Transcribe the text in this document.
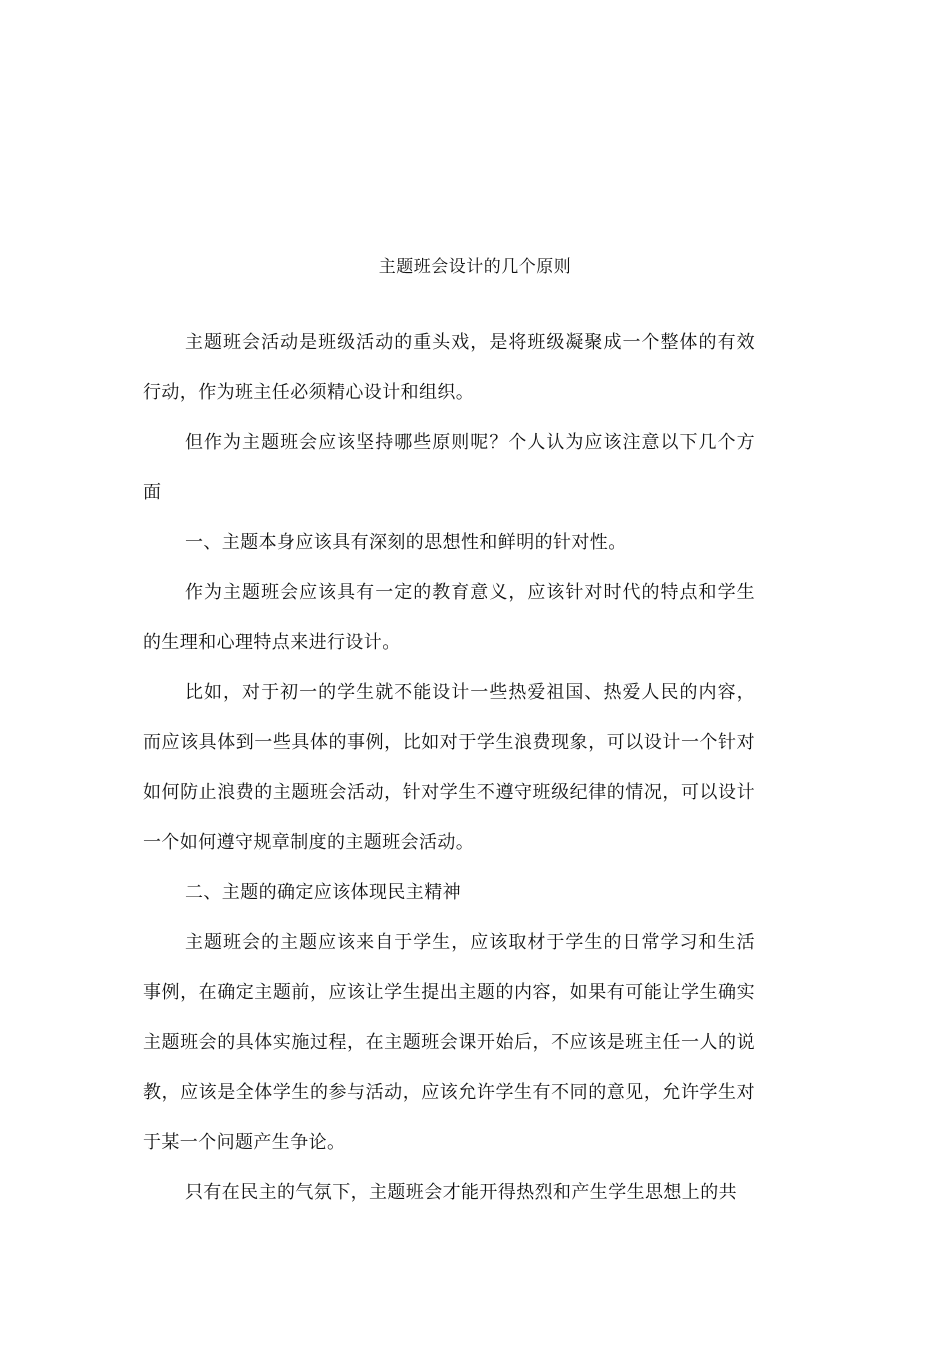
主题班会设计的几个原则

主题班会活动是班级活动的重头戏，是将班级凝聚成一个整体的有效行动，作为班主任必须精心设计和组织。

但作为主题班会应该坚持哪些原则呢？个人认为应该注意以下几个方面

一、主题本身应该具有深刻的思想性和鲜明的针对性。

作为主题班会应该具有一定的教育意义，应该针对时代的特点和学生的生理和心理特点来进行设计。

比如，对于初一的学生就不能设计一些热爱祖国、热爱人民的内容，而应该具体到一些具体的事例，比如对于学生浪费现象，可以设计一个针对如何防止浪费的主题班会活动，针对学生不遵守班级纪律的情况，可以设计一个如何遵守规章制度的主题班会活动。

二、主题的确定应该体现民主精神

主题班会的主题应该来自于学生，应该取材于学生的日常学习和生活事例，在确定主题前，应该让学生提出主题的内容，如果有可能让学生确实主题班会的具体实施过程，在主题班会课开始后，不应该是班主任一人的说教，应该是全体学生的参与活动，应该允许学生有不同的意见，允许学生对于某一个问题产生争论。

只有在民主的气氛下，主题班会才能开得热烈和产生学生思想上的共
